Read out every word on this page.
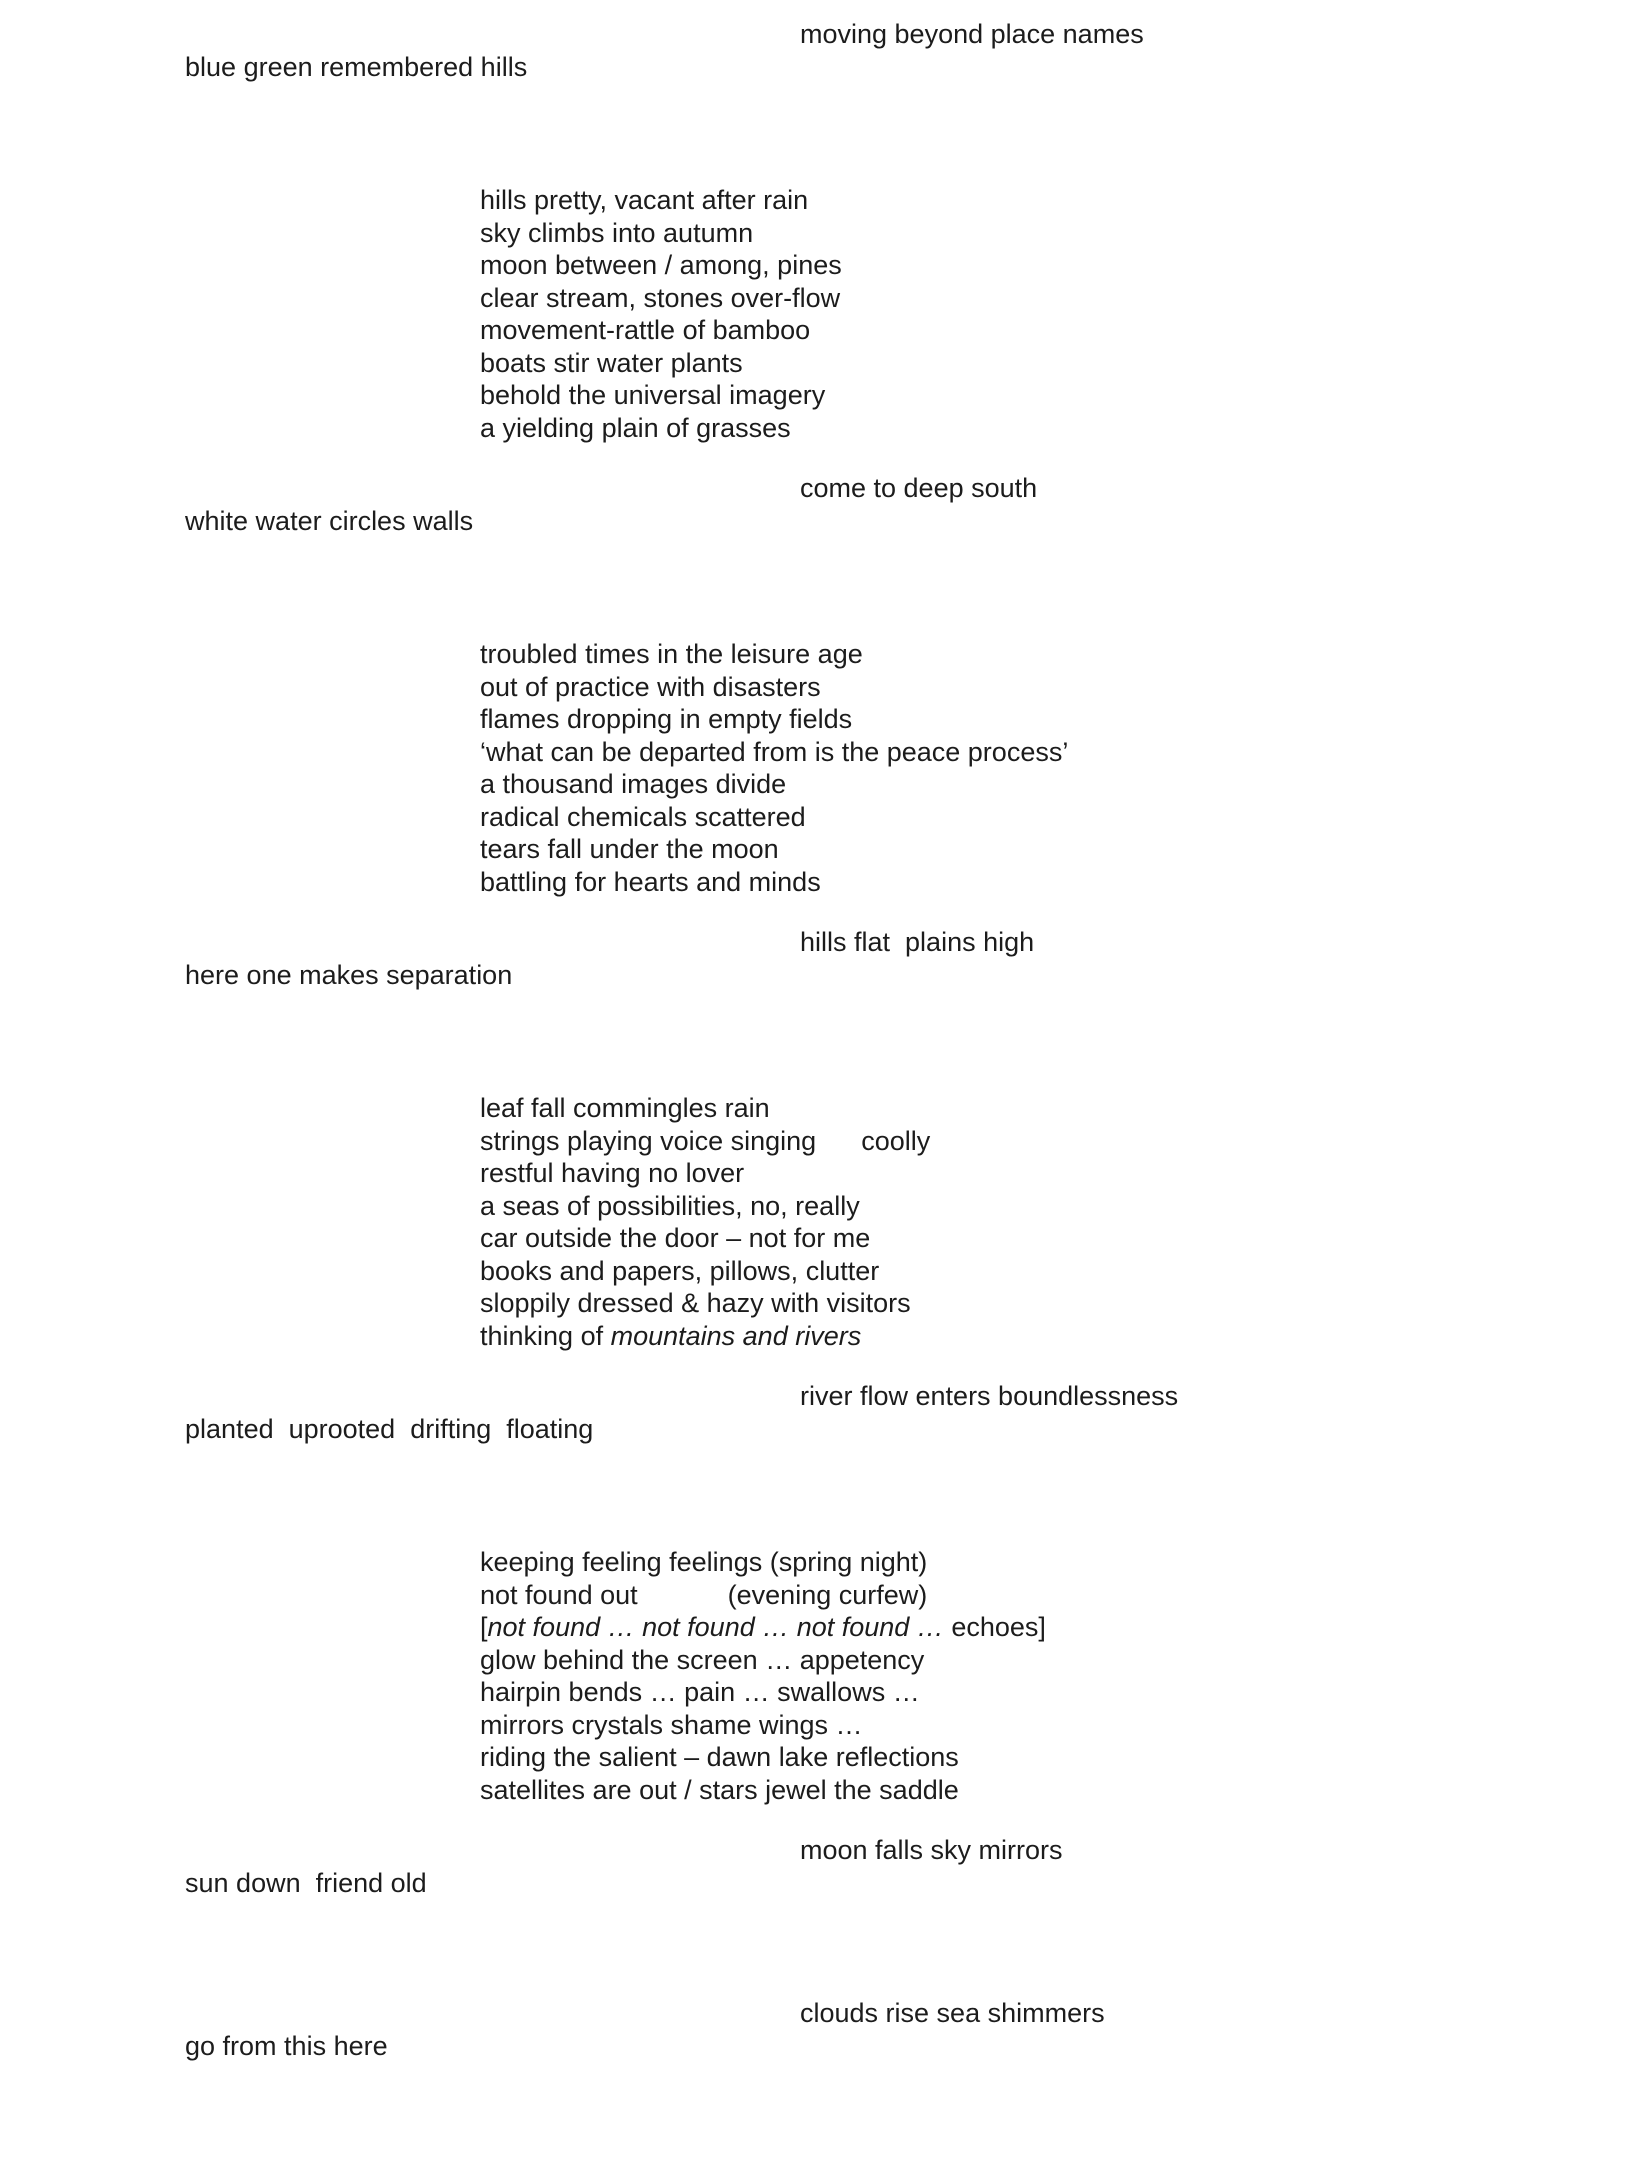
blue green remembered hills

moving beyond place names

hills pretty, vacant after rain
sky climbs into autumn
moon between / among, pines
clear stream, stones over-flow
movement-rattle of bamboo
boats stir water plants
behold the universal imagery
a yielding plain of grasses

white water circles walls

come to deep south

troubled times in the leisure age
out of practice with disasters
flames dropping in empty fields
‘what can be departed from is the peace process’
a thousand images divide
radical chemicals scattered
tears fall under the moon
battling for hearts and minds

here one makes separation

hills flat  plains high

leaf fall commingles rain
strings playing voice singing      coolly
restful having no lover
a seas of possibilities, no, really
car outside the door – not for me
books and papers, pillows, clutter
sloppily dressed & hazy with visitors
thinking of mountains and rivers

planted  uprooted  drifting  floating

river flow enters boundlessness

keeping feeling feelings (spring night)
not found out            (evening curfew)
[not found … not found … not found … echoes]
glow behind the screen … appetency
hairpin bends … pain … swallows …
mirrors crystals shame wings …
riding the salient – dawn lake reflections
satellites are out / stars jewel the saddle

sun down  friend old

moon falls sky mirrors

go from this here

clouds rise sea shimmers
